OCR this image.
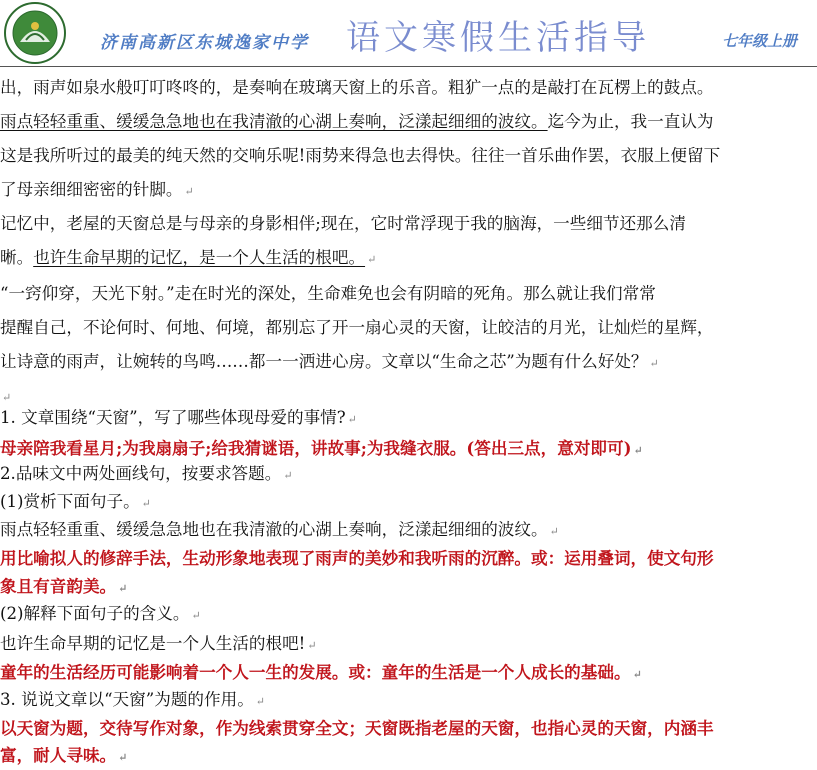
济南高新区东城逸家中学 语文寒假生活指导	七年级上册
出，雨声如泉水般叮叮咚咚的，是奏响在玻璃天窗上的乐音。粗犷一点的是敲打在瓦楞上的鼓点。
雨点轻轻重重、缓缓急急地也在我清澈的心湖上奏响，泛漾起细细的波纹。迄今为止，我一直认为
这是我所听过的最美的纯天然的交响乐呢!雨势来得急也去得快。往往一首乐曲作罢，衣服上便留下
了母亲细细密密的针脚。 ↵
记忆中，老屋的天窗总是与母亲的身影相伴;现在，它时常浮现于我的脑海，一些细节还那么清
晰。也许生命早期的记忆，是一个人生活的根吧。 ↵
“一窍仰穿，天光下射。”走在时光的深处，生命难免也会有阴暗的死角。那么就让我们常常
提醒自己，不论何时、何地、何境，都别忘了开一扇心灵的天窗，让皎洁的月光，让灿烂的星辉，
让诗意的雨声，让婉转的鸟鸣……都一一洒进心房。文章以“生命之芯”为题有什么好处？ ↵
↵
1. 文章围绕“天窗”，写了哪些体现母爱的事情? ↵
母亲陪我看星月;为我扇扇子;给我猜谜语，讲故事;为我缝衣服。(答出三点，意对即可) ↵
2.品味文中两处画线句，按要求答题。 ↵
(1)赏析下面句子。 ↵
雨点轻轻重重、缓缓急急地也在我清澈的心湖上奏响，泛漾起细细的波纹。 ↵
用比喻拟人的修辞手法，生动形象地表现了雨声的美妙和我听雨的沉醉。或：运用叠词，使文句形
象且有音韵美。 ↵
(2)解释下面句子的含义。 ↵
也许生命早期的记忆是一个人生活的根吧! ↵
童年的生活经历可能影响着一个人一生的发展。或：童年的生活是一个人成长的基础。 ↵
3. 说说文章以“天窗”为题的作用。 ↵
以天窗为题，交待写作对象，作为线索贯穿全文；天窗既指老屋的天窗，也指心灵的天窗，内涵丰
富，耐人寻味。 ↵
